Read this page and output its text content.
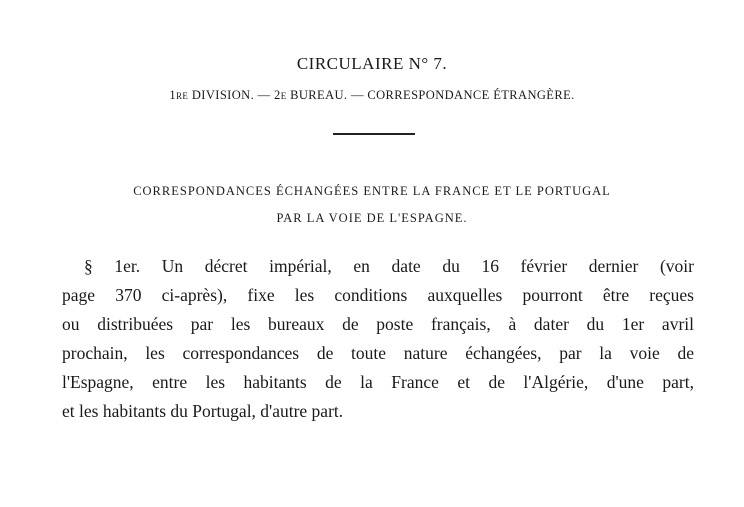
CIRCULAIRE N° 7.
1re DIVISION. — 2e BUREAU. — CORRESPONDANCE ÉTRANGÈRE.
CORRESPONDANCES ÉCHANGÉES ENTRE LA FRANCE ET LE PORTUGAL
PAR LA VOIE DE L'ESPAGNE.
§ 1er. Un décret impérial, en date du 16 février dernier (voir
page 370 ci-après), fixe les conditions auxquelles pourront être reçues
ou distribuées par les bureaux de poste français, à dater du 1er avril
prochain, les correspondances de toute nature échangées, par la voie de
l'Espagne, entre les habitants de la France et de l'Algérie, d'une part,
et les habitants du Portugal, d'autre part.
